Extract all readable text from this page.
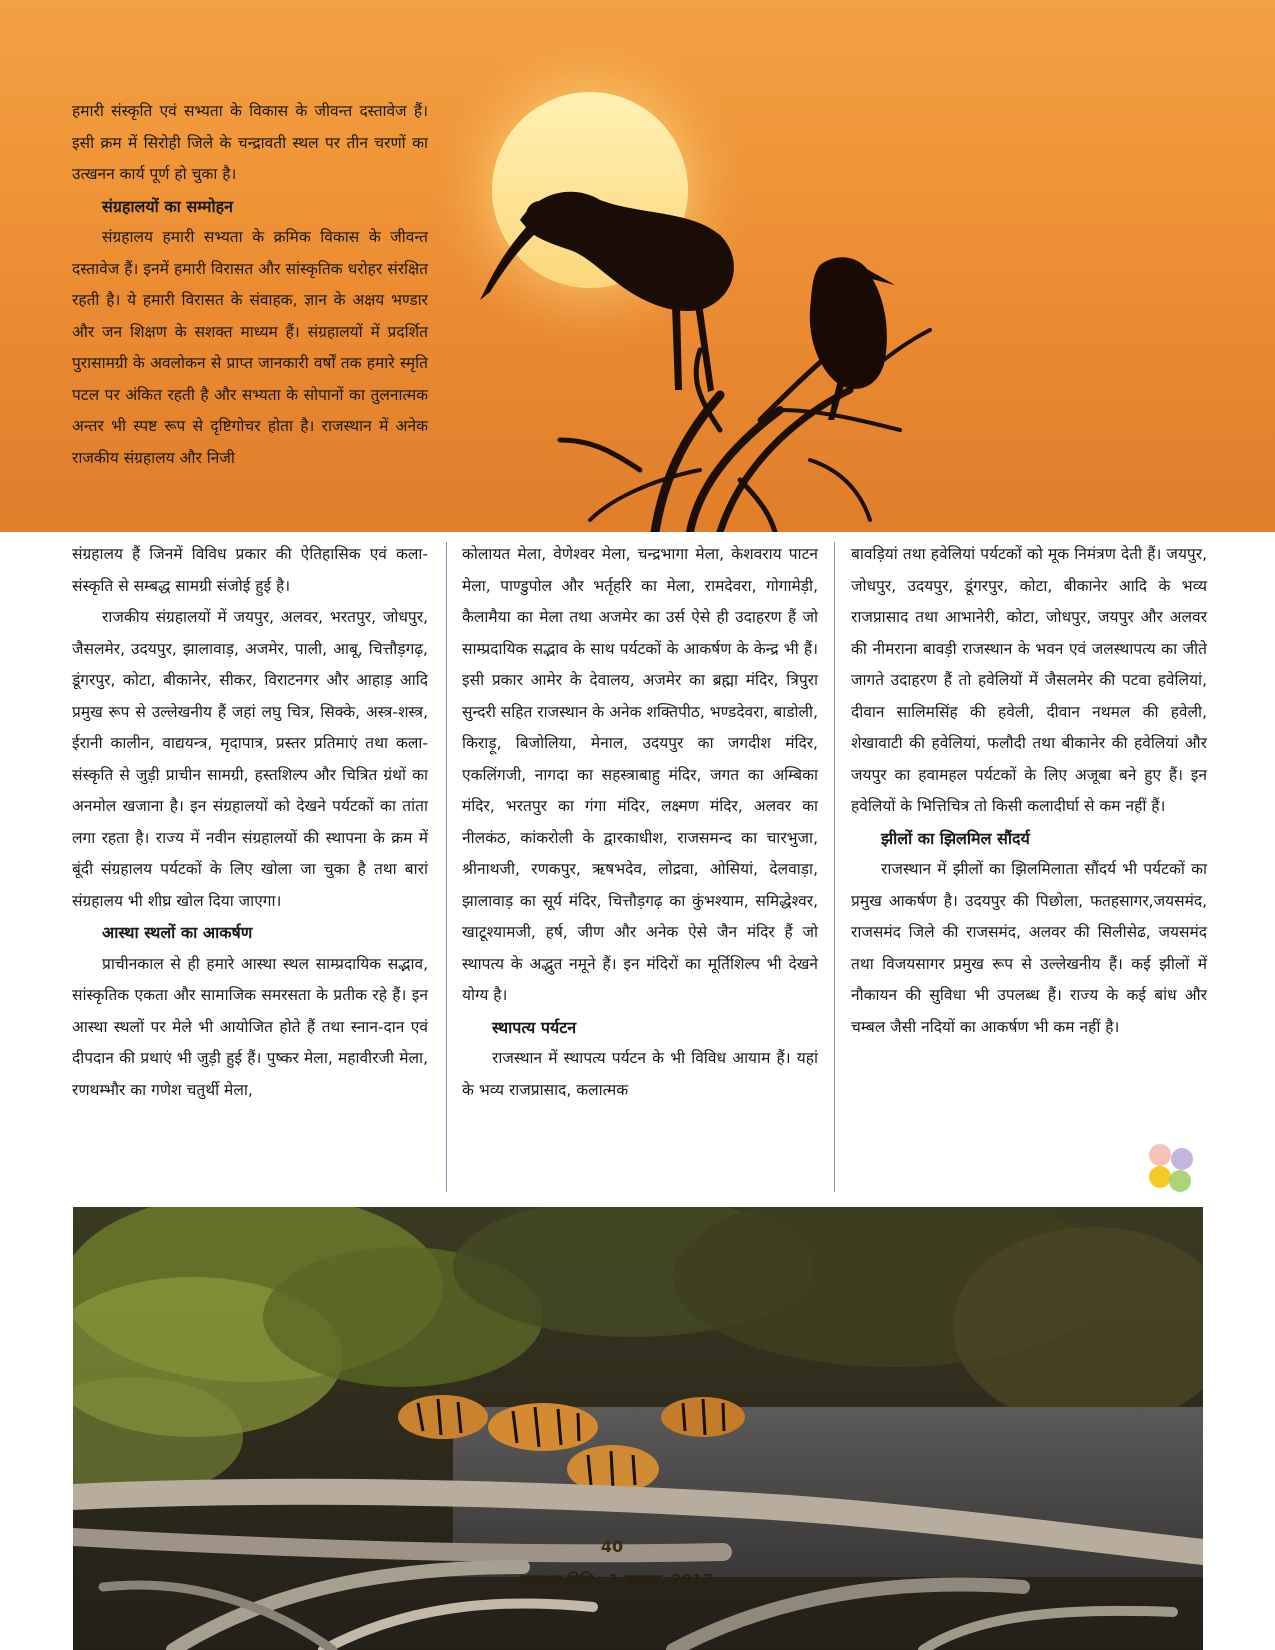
हमारी संस्कृति एवं सभ्यता के विकास के जीवन्त दस्तावेज हैं। इसी क्रम में सिरोही जिले के चन्द्रावती स्थल पर तीन चरणों का उत्खनन कार्य पूर्ण हो चुका है।

संग्रहालयों का सम्मोहन

संग्रहालय हमारी सभ्यता के क्रमिक विकास के जीवन्त दस्तावेज हैं। इनमें हमारी विरासत और सांस्कृतिक धरोहर संरक्षित रहती है। ये हमारी विरासत के संवाहक, ज्ञान के अक्षय भण्डार और जन शिक्षण के सशक्त माध्यम हैं। संग्रहालयों में प्रदर्शित पुरासामग्री के अवलोकन से प्राप्त जानकारी वर्षों तक हमारे स्मृति पटल पर अंकित रहती है और सभ्यता के सोपानों का तुलनात्मक अन्तर भी स्पष्ट रूप से दृष्टिगोचर होता है। राजस्थान में अनेक राजकीय संग्रहालय और निजी

संग्रहालय हैं जिनमें विविध प्रकार की ऐतिहासिक एवं कला-संस्कृति से सम्बद्ध सामग्री संजोई हुई है।

राजकीय संग्रहालयों में जयपुर, अलवर, भरतपुर, जोधपुर, जैसलमेर, उदयपुर, झालावाड़, अजमेर, पाली, आबू, चित्तौड़गढ़, डूंगरपुर, कोटा, बीकानेर, सीकर, विराटनगर और आहाड़ आदि प्रमुख रूप से उल्लेखनीय हैं जहां लघु चित्र, सिक्के, अस्त्र-शस्त्र, ईरानी कालीन, वाद्ययन्त्र, मृदापात्र, प्रस्तर प्रतिमाएं तथा कला-संस्कृति से जुड़ी प्राचीन सामग्री, हस्तशिल्प और चित्रित ग्रंथों का अनमोल खजाना है। इन संग्रहालयों को देखने पर्यटकों का तांता लगा रहता है। राज्य में नवीन संग्रहालयों की स्थापना के क्रम में बूंदी संग्रहालय पर्यटकों के लिए खोला जा चुका है तथा बारां संग्रहालय भी शीघ्र खोल दिया जाएगा।

आस्था स्थलों का आकर्षण

प्राचीनकाल से ही हमारे आस्था स्थल साम्प्रदायिक सद्भाव, सांस्कृतिक एकता और सामाजिक समरसता के प्रतीक रहे हैं। इन आस्था स्थलों पर मेले भी आयोजित होते हैं तथा स्नान-दान एवं दीपदान की प्रथाएं भी जुड़ी हुई हैं। पुष्कर मेला, महावीरजी मेला, रणथम्भौर का गणेश चतुर्थी मेला,

कोलायत मेला, वेणेश्वर मेला, चन्द्रभागा मेला, केशवराय पाटन मेला, पाण्डुपोल और भर्तृहरि का मेला, रामदेवरा, गोगामेड़ी, कैलामैया का मेला तथा अजमेर का उर्स ऐसे ही उदाहरण हैं जो साम्प्रदायिक सद्भाव के साथ पर्यटकों के आकर्षण के केन्द्र भी हैं। इसी प्रकार आमेर के देवालय, अजमेर का ब्रह्मा मंदिर, त्रिपुरा सुन्दरी सहित राजस्थान के अनेक शक्तिपीठ, भण्डदेवरा, बाडोली, किराड़ू, बिजोलिया, मेनाल, उदयपुर का जगदीश मंदिर, एकलिंगजी, नागदा का सहस्त्राबाहु मंदिर, जगत का अम्बिका मंदिर, भरतपुर का गंगा मंदिर, लक्ष्मण मंदिर, अलवर का नीलकंठ, कांकरोली के द्वारकाधीश, राजसमन्द का चारभुजा, श्रीनाथजी, रणकपुर, ऋषभदेव, लोद्रवा, ओसियां, देलवाड़ा, झालावाड़ का सूर्य मंदिर, चित्तौड़गढ़ का कुंभश्याम, समिद्धेश्वर, खाटूश्यामजी, हर्ष, जीण और अनेक ऐसे जैन मंदिर हैं जो स्थापत्य के अद्भुत नमूने हैं। इन मंदिरों का मूर्तिशिल्प भी देखने योग्य है।

स्थापत्य पर्यटन

राजस्थान में स्थापत्य पर्यटन के भी विविध आयाम हैं। यहां के भव्य राजप्रासाद, कलात्मक

बावड़ियां तथा हवेलियां पर्यटकों को मूक निमंत्रण देती हैं। जयपुर, जोधपुर, उदयपुर, डूंगरपुर, कोटा, बीकानेर आदि के भव्य राजप्रासाद तथा आभानेरी, कोटा, जोधपुर, जयपुर और अलवर की नीमराना बावड़ी राजस्थान के भवन एवं जलस्थापत्य का जीते जागते उदाहरण हैं तो हवेलियों में जैसलमेर की पटवा हवेलियां, दीवान सालिमसिंह की हवेली, दीवान नथमल की हवेली, शेखावाटी की हवेलियां, फलौदी तथा बीकानेर की हवेलियां और जयपुर का हवामहल पर्यटकों के लिए अजूबा बने हुए हैं। इन हवेलियों के भित्तिचित्र तो किसी कलादीर्घा से कम नहीं हैं।

झीलों का झिलमिल सौंदर्य

राजस्थान में झीलों का झिलमिलाता सौंदर्य भी पर्यटकों का प्रमुख आकर्षण है। उदयपुर की पिछोला, फतहसागर,जयसमंद, राजसमंद जिले की राजसमंद, अलवर की सिलीसेढ, जयसमंद तथा विजयसागर प्रमुख रूप से उल्लेखनीय हैं। कई झीलों में नौकायन की सुविधा भी उपलब्ध हैं। राज्य के कई बांध और चम्बल जैसी नदियों का आकर्षण भी कम नहीं है।

40
प्रकाशन तिथि : 1 नवम्बर, 2017
